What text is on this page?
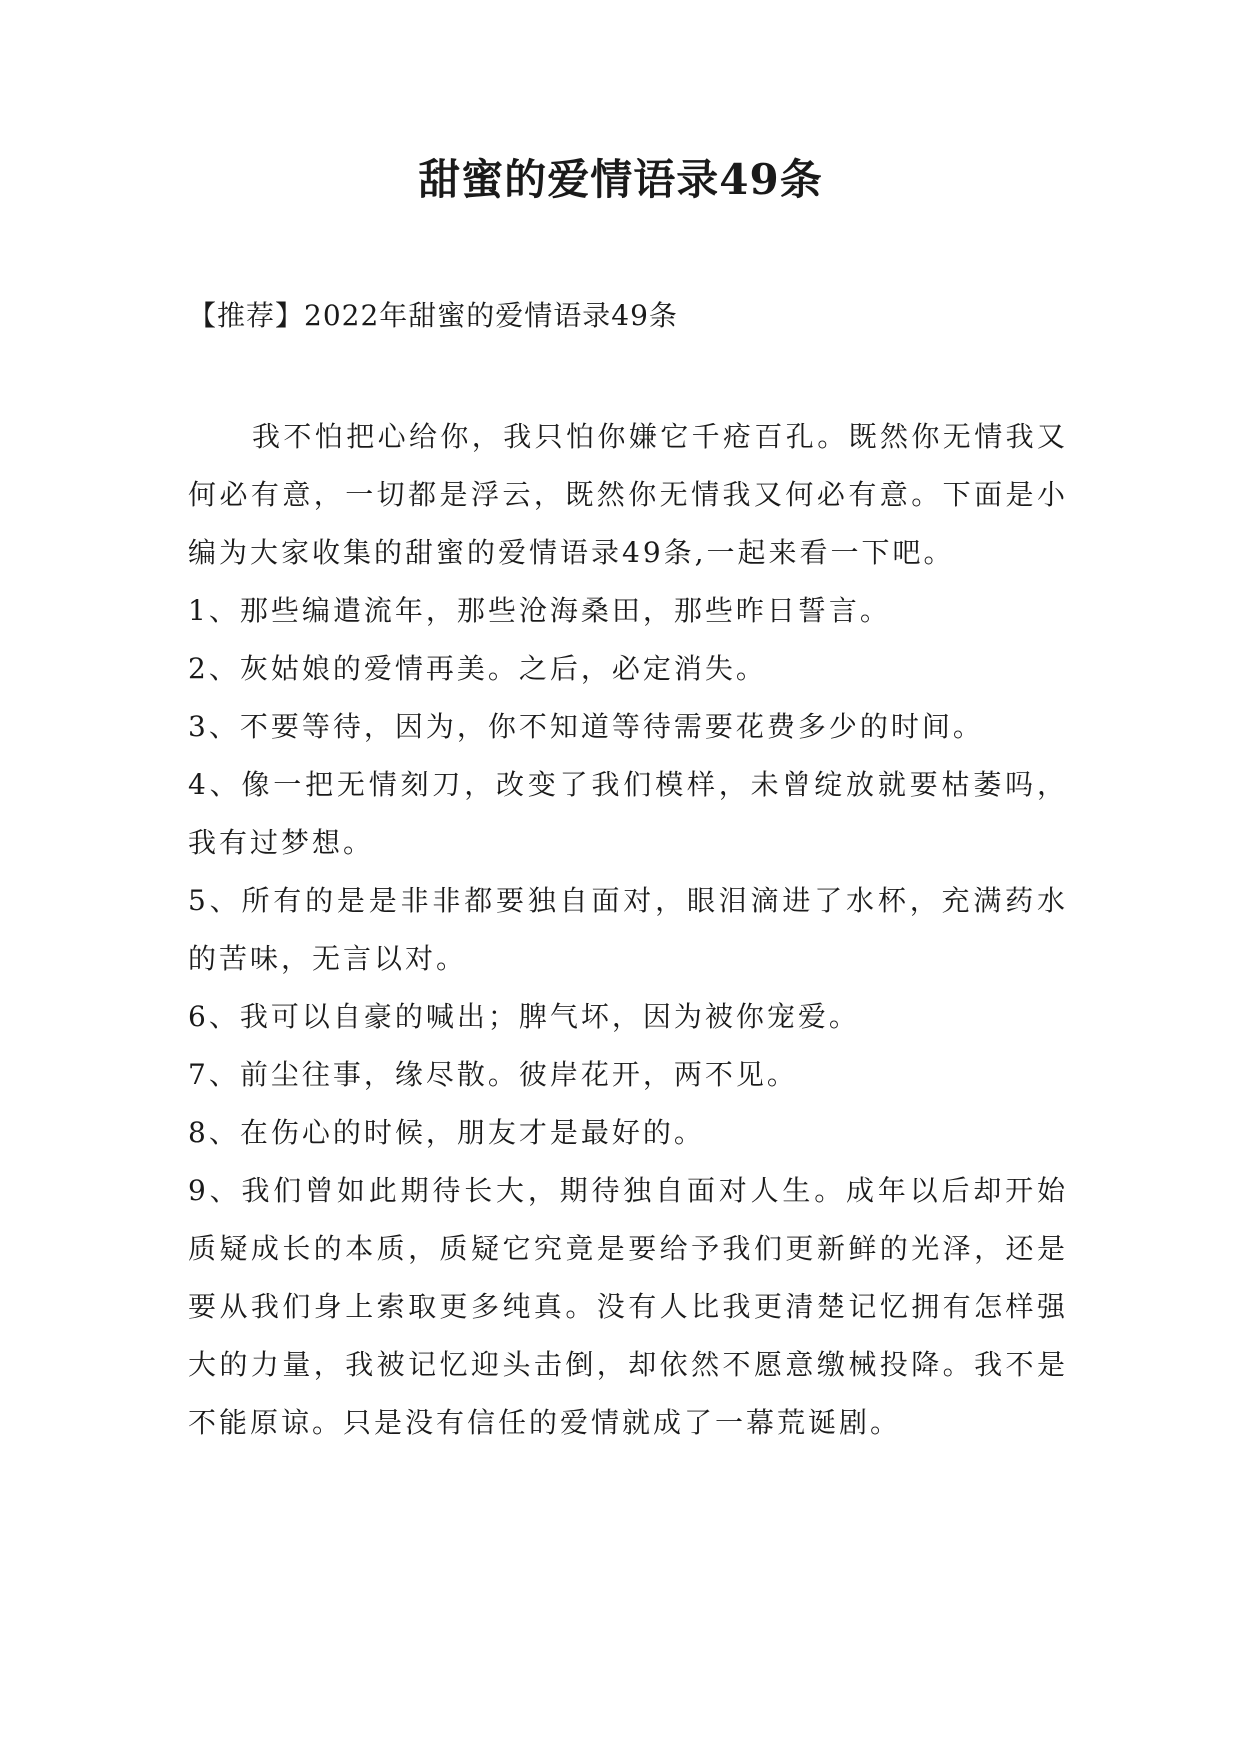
甜蜜的爱情语录49条
【推荐】2022年甜蜜的爱情语录49条

我不怕把心给你，我只怕你嫌它千疮百孔。既然你无情我又何必有意，一切都是浮云，既然你无情我又何必有意。下面是小编为大家收集的甜蜜的爱情语录49条,一起来看一下吧。

1、那些编遣流年，那些沧海桑田，那些昨日誓言。

2、灰姑娘的爱情再美。之后，必定消失。

3、不要等待，因为，你不知道等待需要花费多少的时间。

4、像一把无情刻刀，改变了我们模样，未曾绽放就要枯萎吗，我有过梦想。

5、所有的是是非非都要独自面对，眼泪滴进了水杯，充满药水的苦味，无言以对。

6、我可以自豪的喊出；脾气坏，因为被你宠爱。

7、前尘往事，缘尽散。彼岸花开，两不见。

8、在伤心的时候，朋友才是最好的。

9、我们曾如此期待长大，期待独自面对人生。成年以后却开始质疑成长的本质，质疑它究竟是要给予我们更新鲜的光泽，还是要从我们身上索取更多纯真。没有人比我更清楚记忆拥有怎样强大的力量，我被记忆迎头击倒，却依然不愿意缴械投降。我不是不能原谅。只是没有信任的爱情就成了一幕荒诞剧。
